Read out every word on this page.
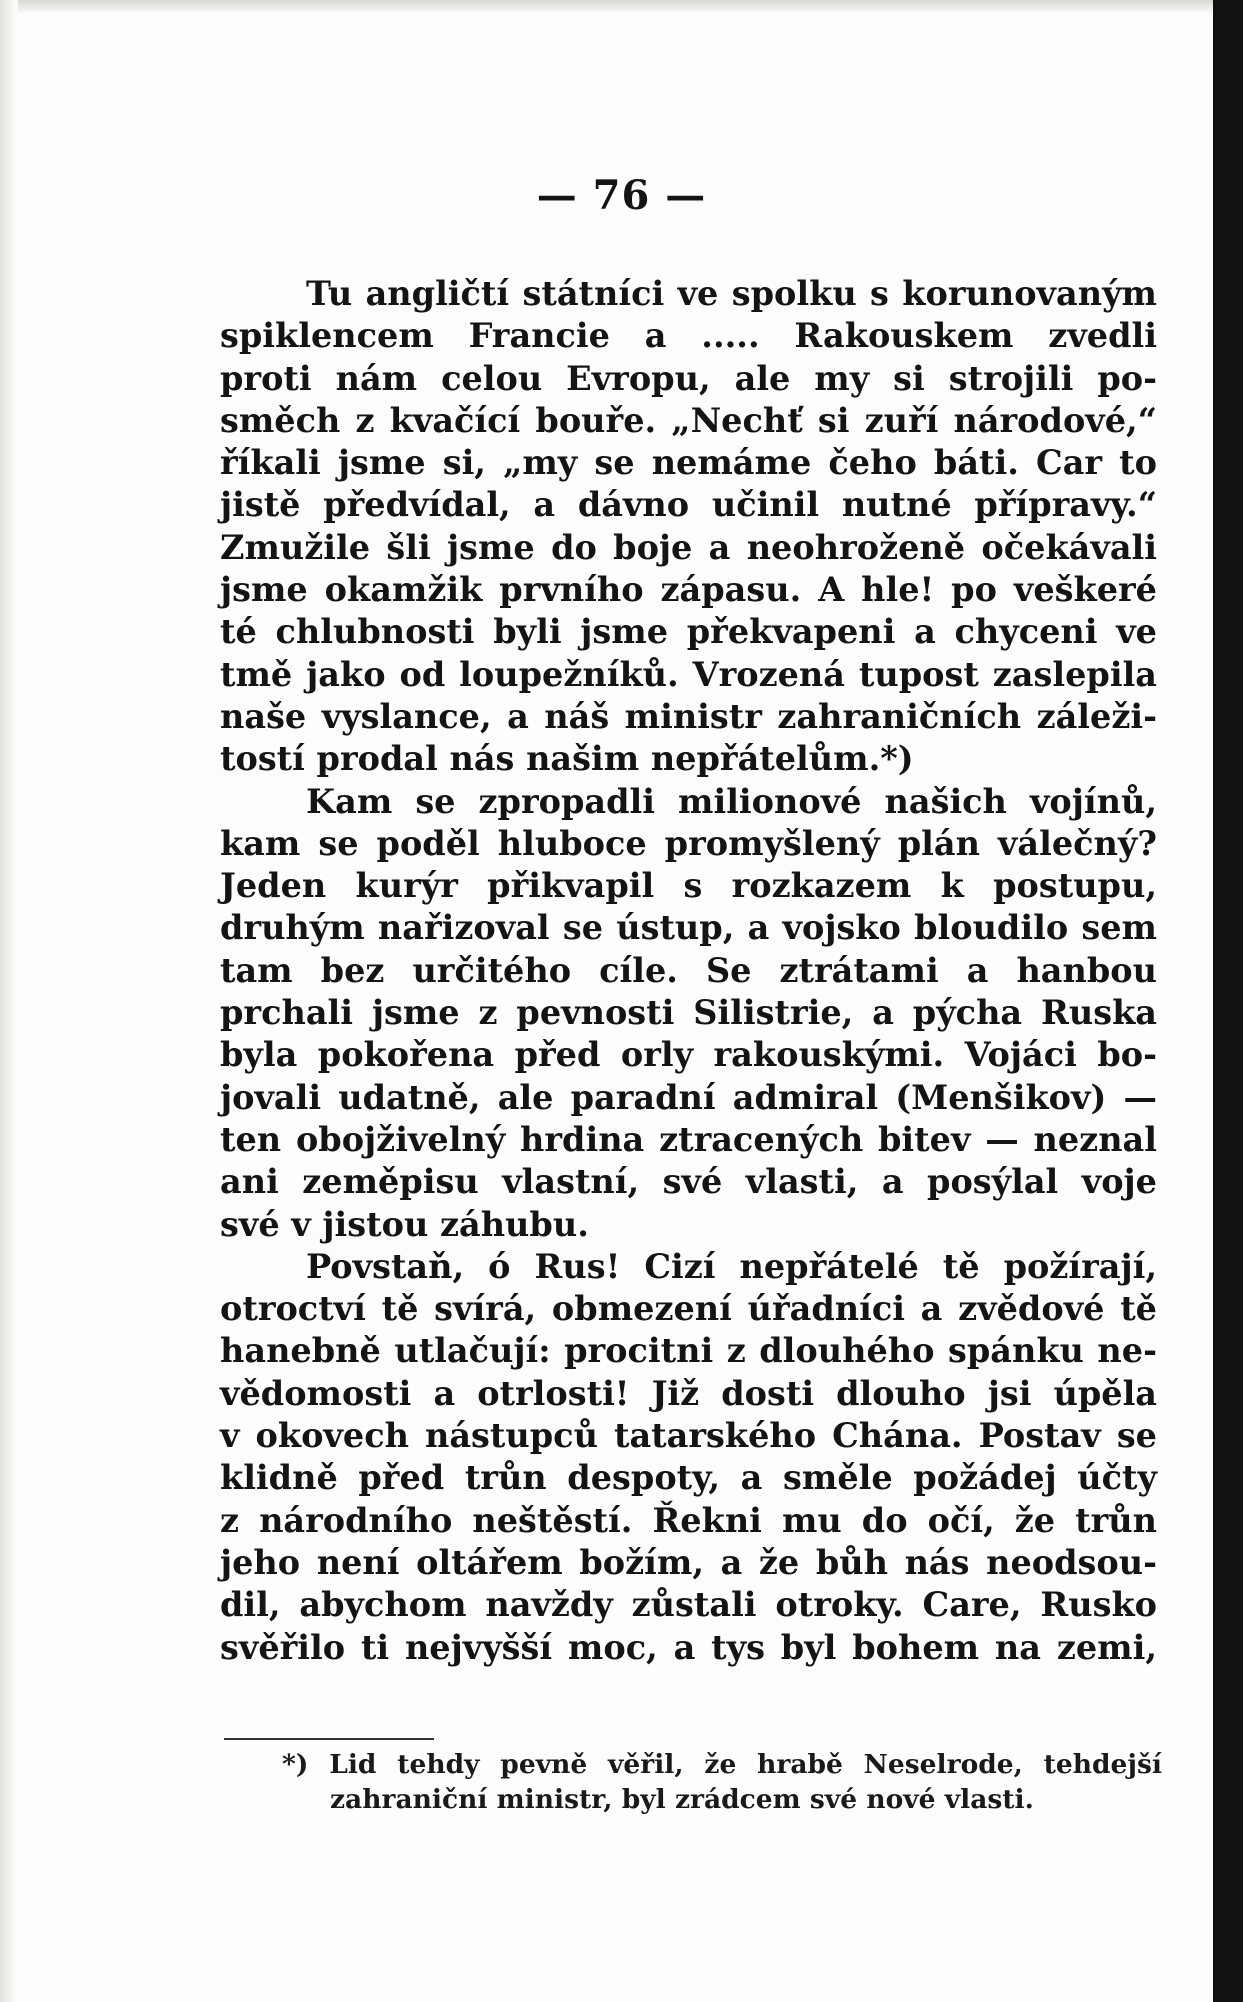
— 76 —
Tu angličtí státníci ve spolku s korunovaným
spiklencem Francie a ..... Rakouskem zvedli
proti nám celou Evropu, ale my si strojili po-
směch z kvačící bouře. „Nechť si zuří národové,“
říkali jsme si, „my se nemáme čeho báti. Car to
jistě předvídal, a dávno učinil nutné přípravy.“
Zmužile šli jsme do boje a neohroženě očekávali
jsme okamžik prvního zápasu. A hle! po veškeré
té chlubnosti byli jsme překvapeni a chyceni ve
tmě jako od loupežníků. Vrozená tupost zaslepila
naše vyslance, a náš ministr zahraničních záleži-
tostí prodal nás našim nepřátelům.*)
Kam se zpropadli milionové našich vojínů,
kam se poděl hluboce promyšlený plán válečný?
Jeden kurýr přikvapil s rozkazem k postupu,
druhým nařizoval se ústup, a vojsko bloudilo sem
tam bez určitého cíle. Se ztrátami a hanbou
prchali jsme z pevnosti Silistrie, a pýcha Ruska
byla pokořena před orly rakouskými. Vojáci bo-
jovali udatně, ale paradní admiral (Menšikov) —
ten obojživelný hrdina ztracených bitev — neznal
ani zeměpisu vlastní, své vlasti, a posýlal voje
své v jistou záhubu.
Povstaň, ó Rus! Cizí nepřátelé tě požírají,
otroctví tě svírá, obmezení úřadníci a zvědové tě
hanebně utlačují: procitni z dlouhého spánku ne-
vědomosti a otrlosti! Již dosti dlouho jsi úpěla
v okovech nástupců tatarského Chána. Postav se
klidně před trůn despoty, a směle požádej účty
z národního neštěstí. Řekni mu do očí, že trůn
jeho není oltářem božím, a že bůh nás neodsou-
dil, abychom navždy zůstali otroky. Care, Rusko
svěřilo ti nejvyšší moc, a tys byl bohem na zemi,
*) Lid tehdy pevně věřil, že hrabě Neselrode, tehdejší
zahraniční ministr, byl zrádcem své nové vlasti.
